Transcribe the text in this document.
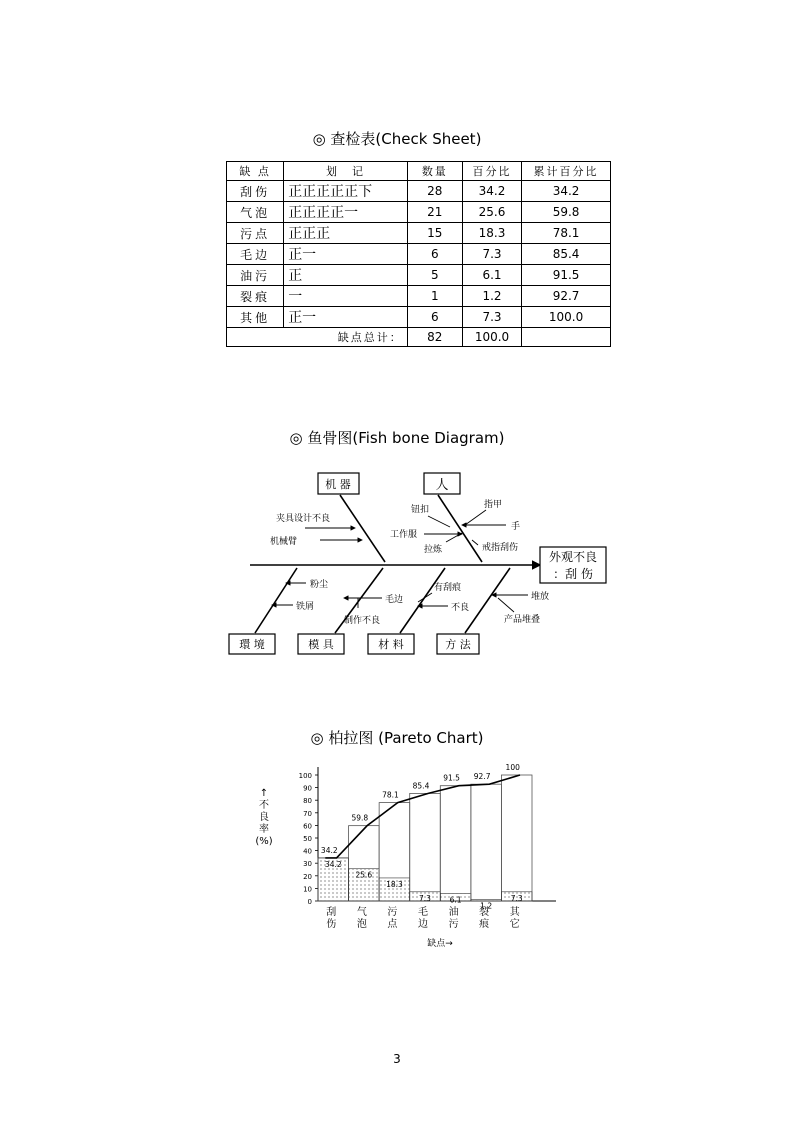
◎ 查检表(Check Sheet)
缺 点	划　记	数量	百分比	累计百分比
刮伤	正正正正正下	28	34.2	34.2
气泡	正正正正一	21	25.6	59.8
污点	正正正	15	18.3	78.1
毛边	正一	6	7.3	85.4
油污	正	5	6.1	91.5
裂痕	一	1	1.2	92.7
其他	正一	6	7.3	100.0
缺点总计：		82	100.0	
◎ 鱼骨图(Fish bone Diagram)
机 器	人
環 境	模 具	材 料	方 法
外观不良
：刮 伤
夹具设计不良
机械臂
钮扣	指甲
手
工作服
戒指刮伤
拉炼
粉尘
铁屑
毛边
制作不良
有刮痕
不良
堆放
产品堆叠
◎ 柏拉图 (Pareto Chart)
↑
不
良
率
(%)
0
10
20
30
40
50
60
70
80
90
100
34.2
34.2
25.6
59.8
18.3
78.1
7.3
85.4
6.1
91.5
1.2
92.7
7.3
100
刮
伤
气
泡
污
点
毛
边
油
污
裂
痕
其
它
缺点→
3
